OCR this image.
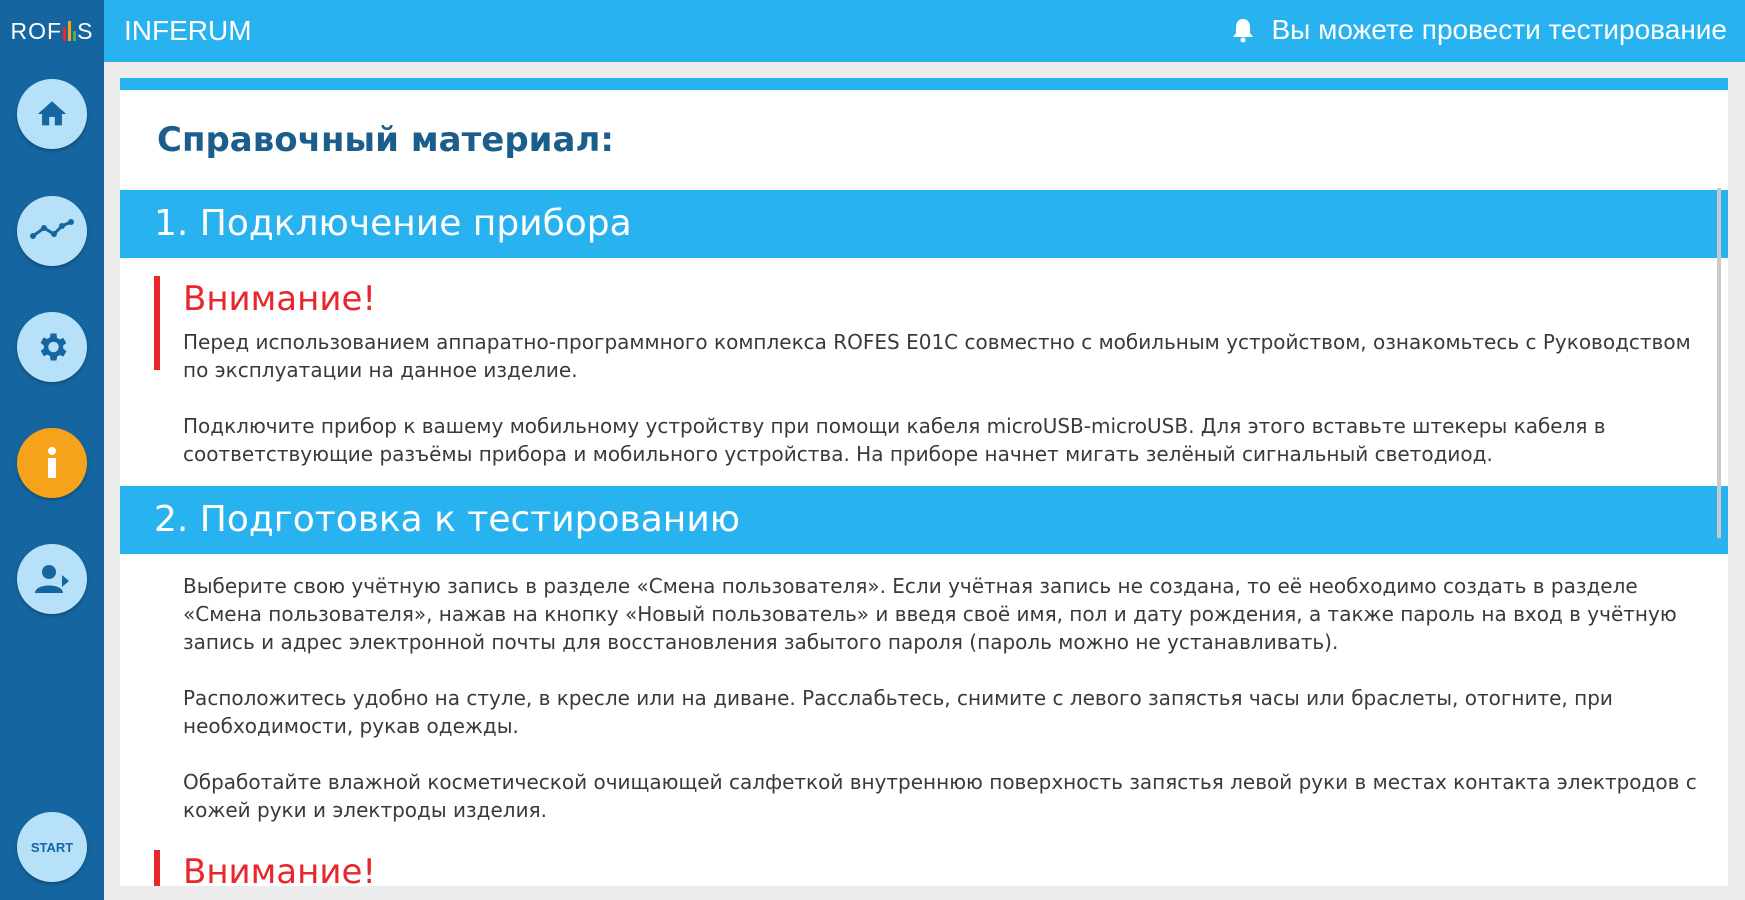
ROF S
START
INFERUM	Вы можете провести тестирование
Справочный материал:
1. Подключение прибора
Внимание!

Перед использованием аппаратно-программного комплекса ROFES E01C совместно с мобильным устройством, ознакомьтесь с Руководством по эксплуатации на данное изделие.

Подключите прибор к вашему мобильному устройству при помощи кабеля microUSB-microUSB. Для этого вставьте штекеры кабеля в соответствующие разъёмы прибора и мобильного устройства. На приборе начнет мигать зелёный сигнальный светодиод.

2. Подготовка к тестированию

Выберите свою учётную запись в разделе «Смена пользователя». Если учётная запись не создана, то её необходимо создать в разделе «Смена пользователя», нажав на кнопку «Новый пользователь» и введя своё имя, пол и дату рождения, а также пароль на вход в учётную запись и адрес электронной почты для восстановления забытого пароля (пароль можно не устанавливать).

Расположитесь удобно на стуле, в кресле или на диване. Расслабьтесь, снимите с левого запястья часы или браслеты, отогните, при необходимости, рукав одежды.

Обработайте влажной косметической очищающей салфеткой внутреннюю поверхность запястья левой руки в местах контакта электродов с кожей руки и электроды изделия.

Внимание!
